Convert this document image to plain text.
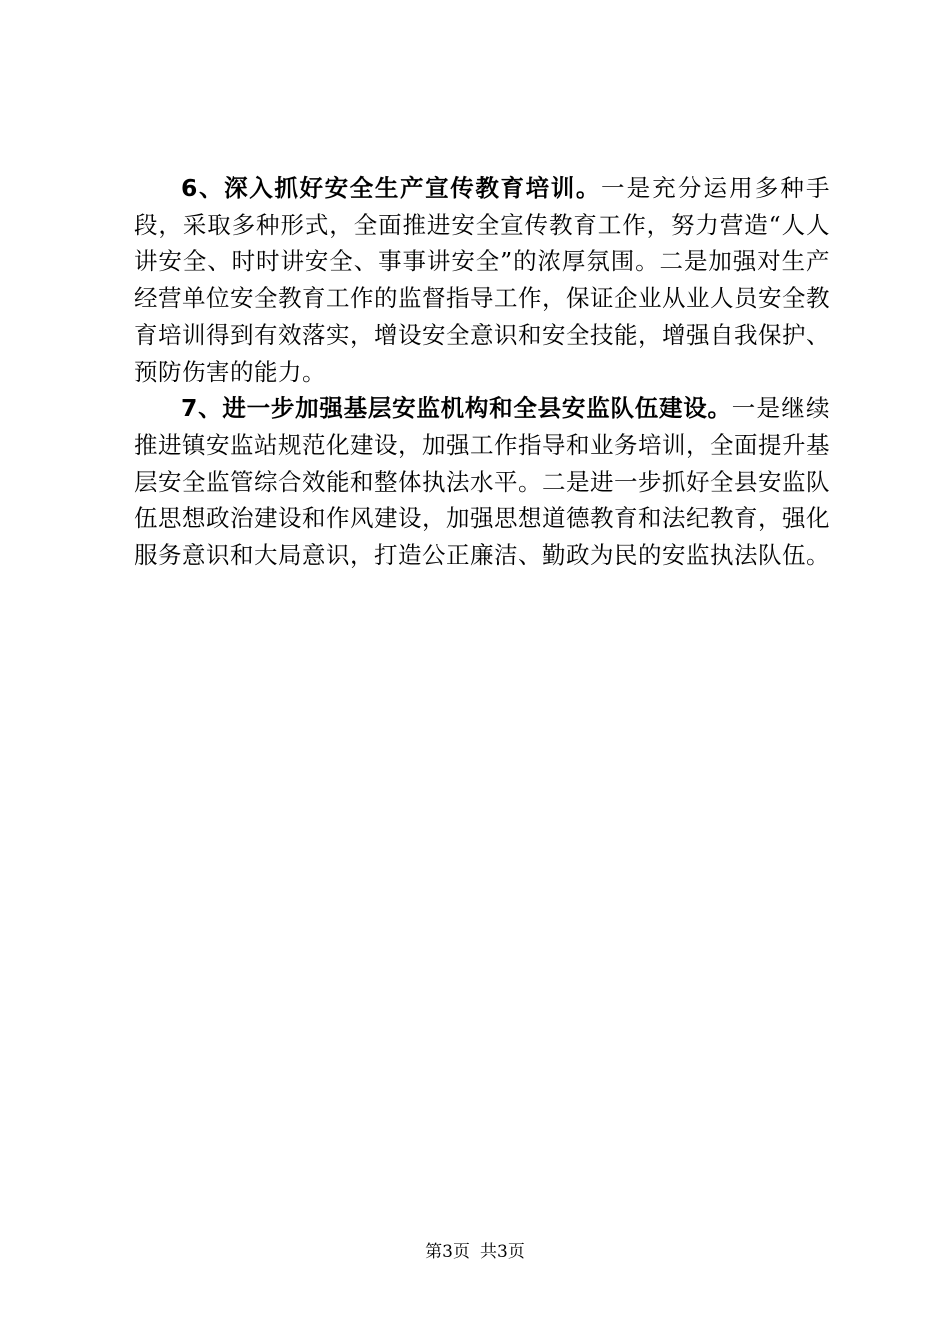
6、深入抓好安全生产宣传教育培训。一是充分运用多种手段，采取多种形式，全面推进安全宣传教育工作，努力营造“人人讲安全、时时讲安全、事事讲安全”的浓厚氛围。二是加强对生产经营单位安全教育工作的监督指导工作，保证企业从业人员安全教育培训得到有效落实，增设安全意识和安全技能，增强自我保护、预防伤害的能力。

7、进一步加强基层安监机构和全县安监队伍建设。一是继续推进镇安监站规范化建设，加强工作指导和业务培训，全面提升基层安全监管综合效能和整体执法水平。二是进一步抓好全县安监队伍思想政治建设和作风建设，加强思想道德教育和法纪教育，强化服务意识和大局意识，打造公正廉洁、勤政为民的安监执法队伍。

第3页 共3页
